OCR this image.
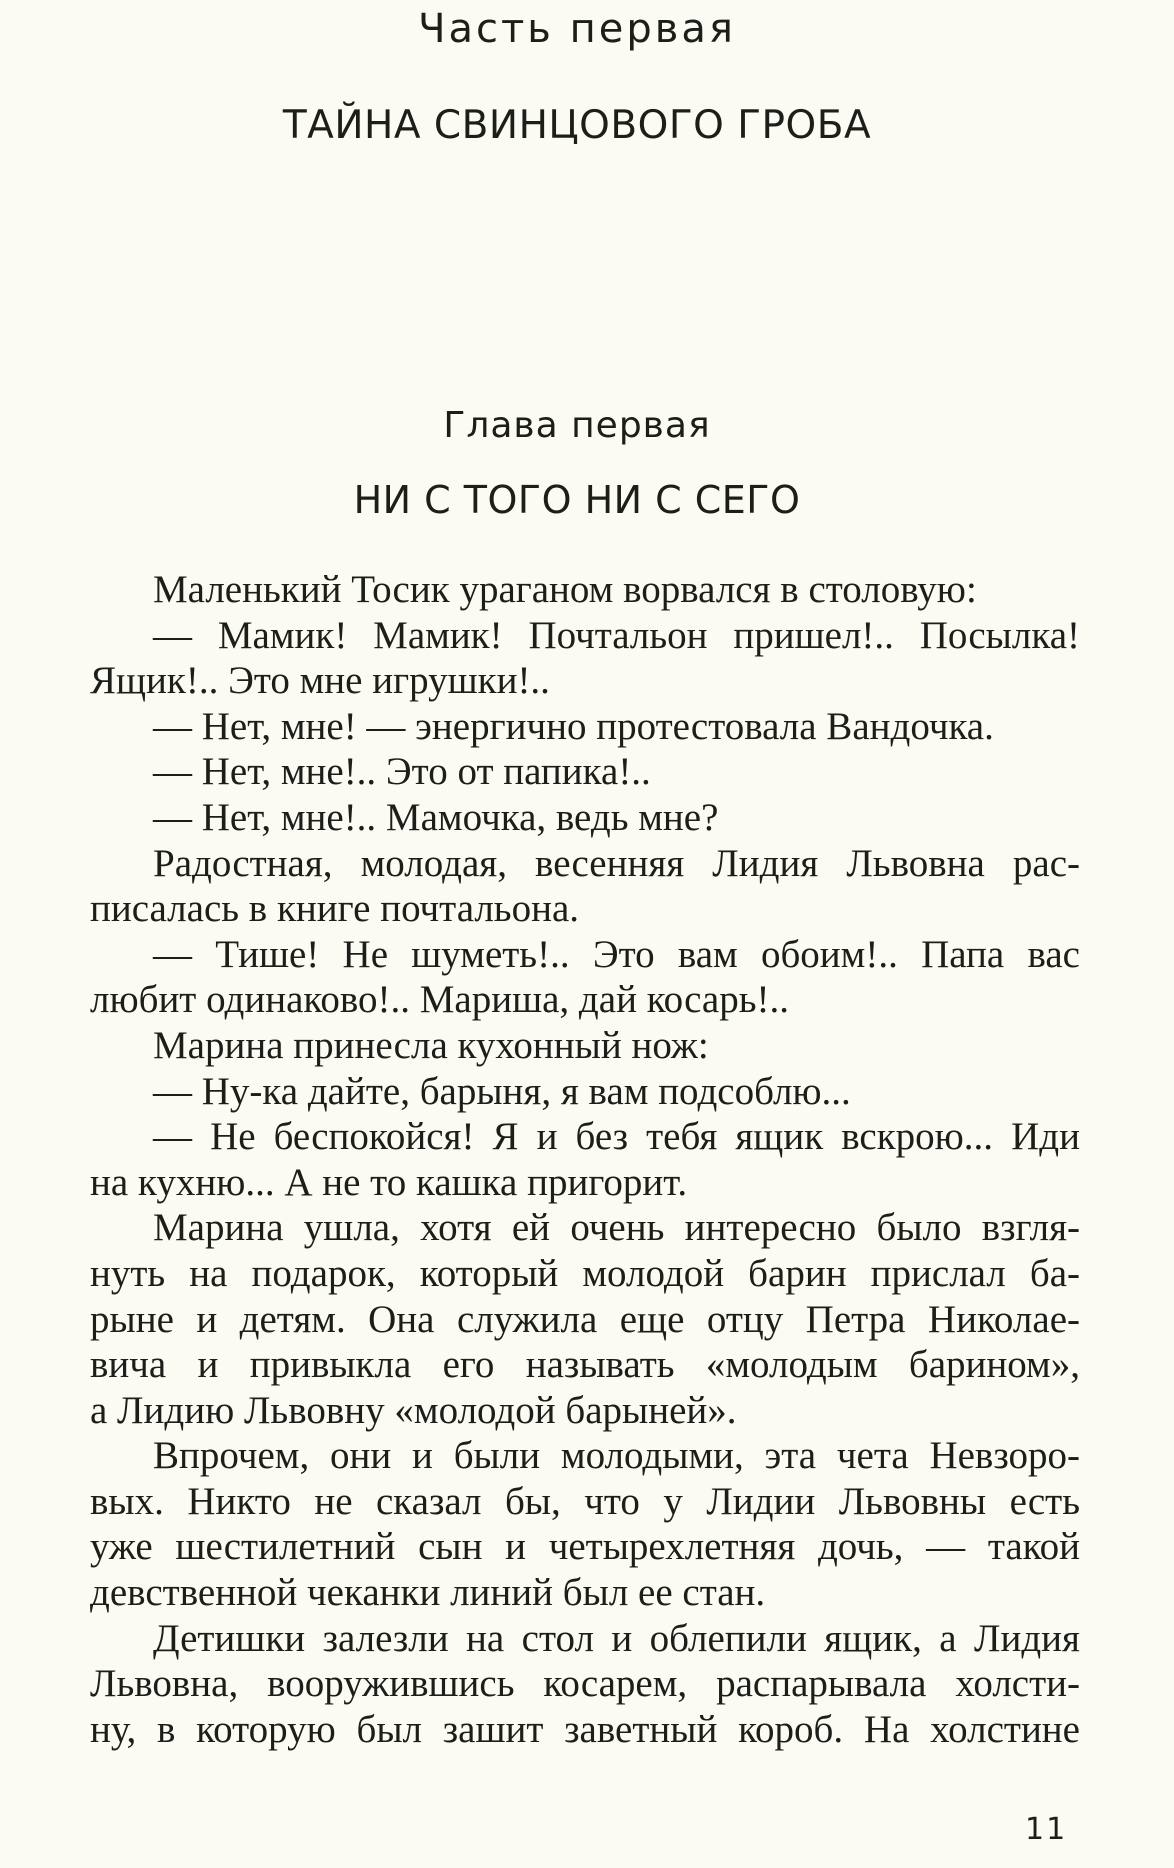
Часть первая
ТАЙНА СВИНЦОВОГО ГРОБА
Глава первая
НИ С ТОГО НИ С СЕГО
Маленький Тосик ураганом ворвался в столовую:
— Мамик! Мамик! Почтальон пришел!.. Посылка!
Ящик!.. Это мне игрушки!..
— Нет, мне! — энергично протестовала Вандочка.
— Нет, мне!.. Это от папика!..
— Нет, мне!.. Мамочка, ведь мне?
Радостная, молодая, весенняя Лидия Львовна рас-
писалась в книге почтальона.
— Тише! Не шуметь!.. Это вам обоим!.. Папа вас
любит одинаково!.. Мариша, дай косарь!..
Марина принесла кухонный нож:
— Ну-ка дайте, барыня, я вам подсоблю...
— Не беспокойся! Я и без тебя ящик вскрою... Иди
на кухню... А не то кашка пригорит.
Марина ушла, хотя ей очень интересно было взгля-
нуть на подарок, который молодой барин прислал ба-
рыне и детям. Она служила еще отцу Петра Николае-
вича и привыкла его называть «молодым барином»,
а Лидию Львовну «молодой барыней».
Впрочем, они и были молодыми, эта чета Невзоро-
вых. Никто не сказал бы, что у Лидии Львовны есть
уже шестилетний сын и четырехлетняя дочь, — такой
девственной чеканки линий был ее стан.
Детишки залезли на стол и облепили ящик, а Лидия
Львовна, вооружившись косарем, распарывала холсти-
ну, в которую был зашит заветный короб. На холстине
11
